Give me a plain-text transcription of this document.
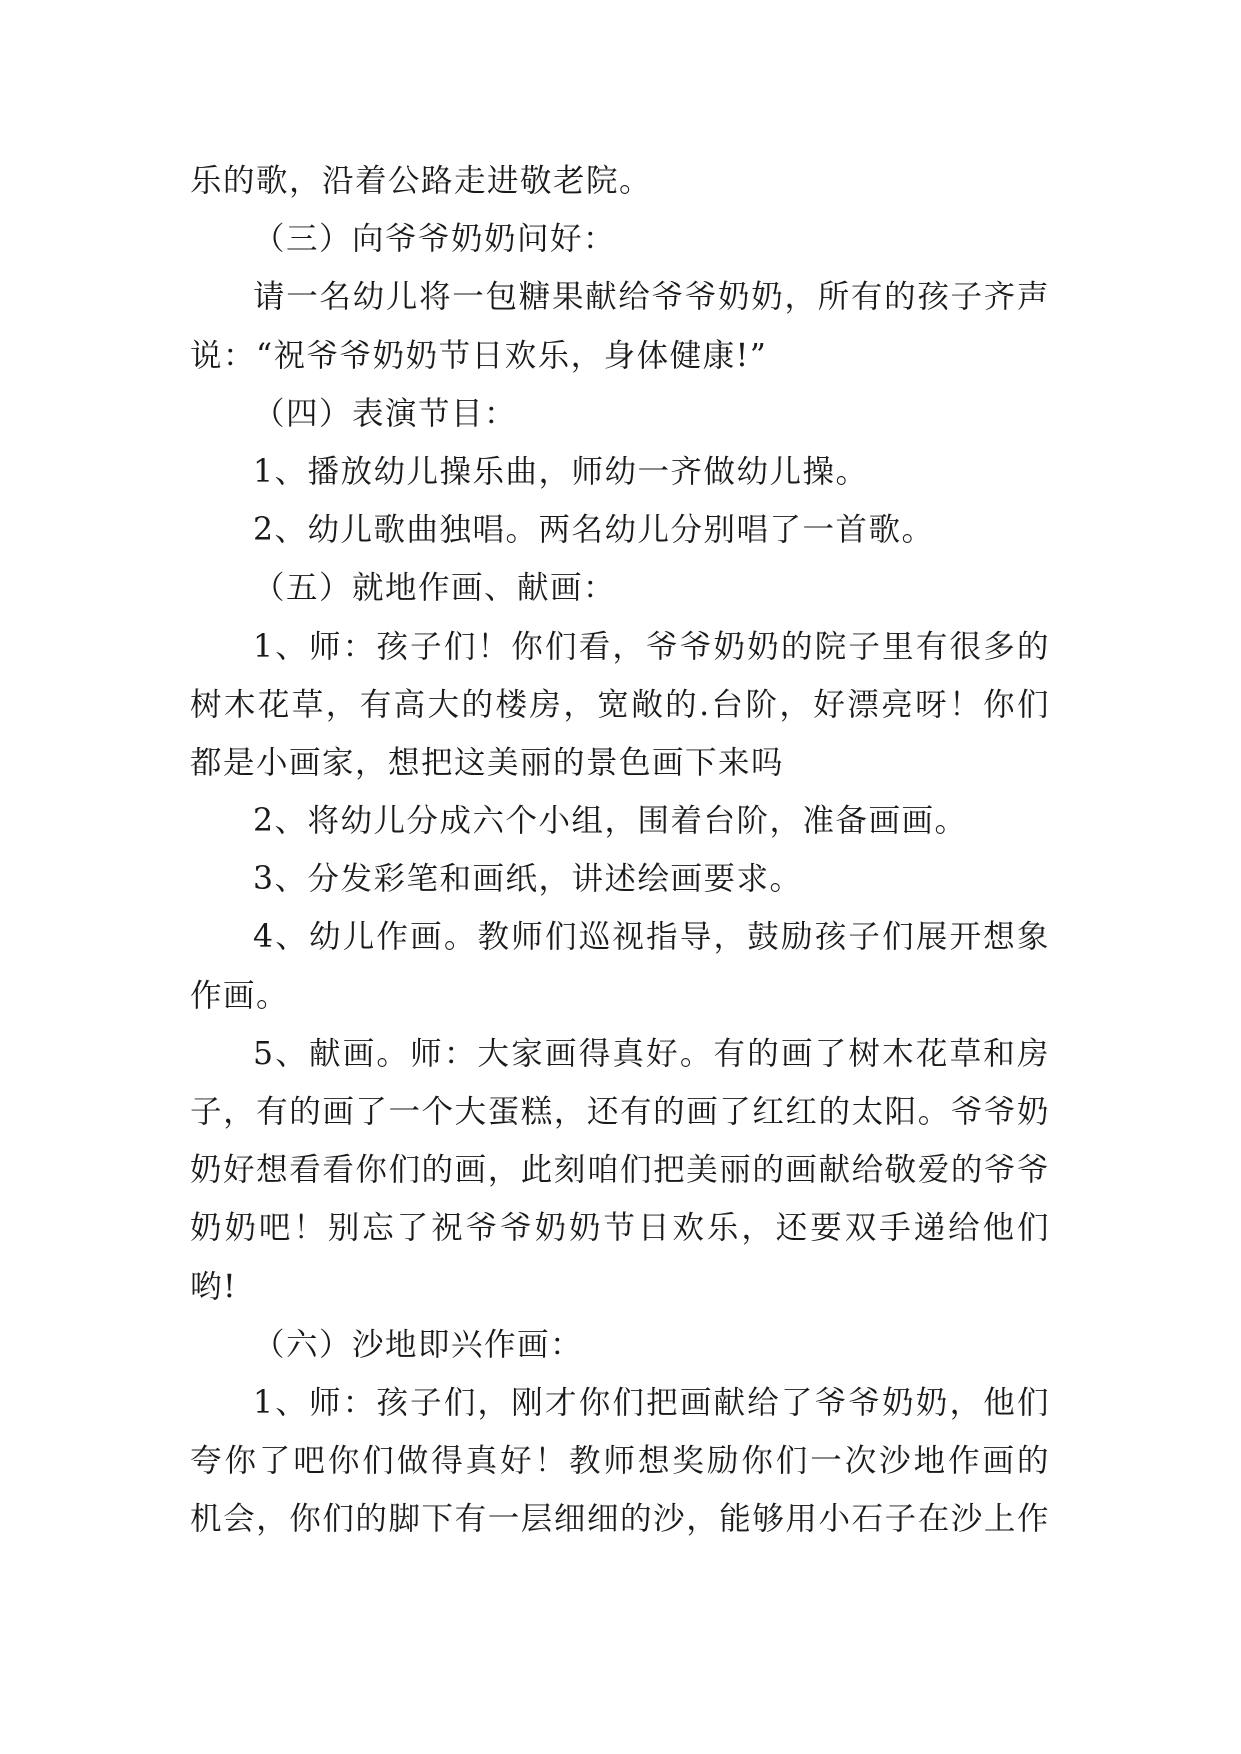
乐的歌，沿着公路走进敬老院。
（三）向爷爷奶奶问好：
请一名幼儿将一包糖果献给爷爷奶奶，所有的孩子齐声
说：“祝爷爷奶奶节日欢乐，身体健康!”
（四）表演节目：
1、播放幼儿操乐曲，师幼一齐做幼儿操。
2、幼儿歌曲独唱。两名幼儿分别唱了一首歌。
（五）就地作画、献画：
1、师：孩子们！你们看，爷爷奶奶的院子里有很多的
树木花草，有高大的楼房，宽敞的.台阶，好漂亮呀！你们
都是小画家，想把这美丽的景色画下来吗
2、将幼儿分成六个小组，围着台阶，准备画画。
3、分发彩笔和画纸，讲述绘画要求。
4、幼儿作画。教师们巡视指导，鼓励孩子们展开想象
作画。
5、献画。师：大家画得真好。有的画了树木花草和房
子，有的画了一个大蛋糕，还有的画了红红的太阳。爷爷奶
奶好想看看你们的画，此刻咱们把美丽的画献给敬爱的爷爷
奶奶吧！别忘了祝爷爷奶奶节日欢乐，还要双手递给他们
哟!
（六）沙地即兴作画：
1、师：孩子们，刚才你们把画献给了爷爷奶奶，他们
夸你了吧你们做得真好！教师想奖励你们一次沙地作画的
机会，你们的脚下有一层细细的沙，能够用小石子在沙上作
